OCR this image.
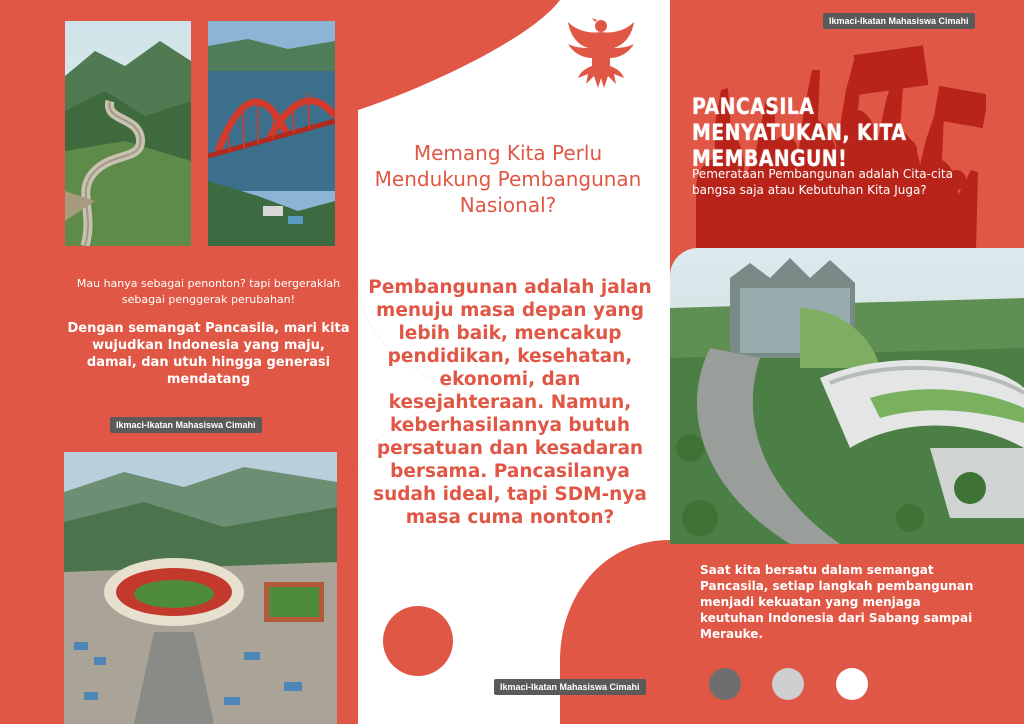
Mau hanya sebagai penonton? tapi bergeraklah sebagai penggerak perubahan!
Dengan semangat Pancasila, mari kita wujudkan Indonesia yang maju, damai, dan utuh hingga generasi mendatang
Ikmaci-Ikatan Mahasiswa Cimahi
Memang Kita Perlu Mendukung Pembangunan Nasional?
Pembangunan adalah jalan menuju masa depan yang lebih baik, mencakup pendidikan, kesehatan, ekonomi, dan kesejahteraan. Namun, keberhasilannya butuh persatuan dan kesadaran bersama. Pancasilanya sudah ideal, tapi SDM-nya masa cuma nonton?
Ikmaci-Ikatan Mahasiswa Cimahi
Ikmaci-Ikatan Mahasiswa Cimahi
PANCASILA MENYATUKAN, KITA MEMBANGUN!
Pemerataan Pembangunan adalah Cita-cita bangsa saja atau Kebutuhan Kita Juga?
Saat kita bersatu dalam semangat Pancasila, setiap langkah pembangunan menjadi kekuatan yang menjaga keutuhan Indonesia dari Sabang sampai Merauke.
